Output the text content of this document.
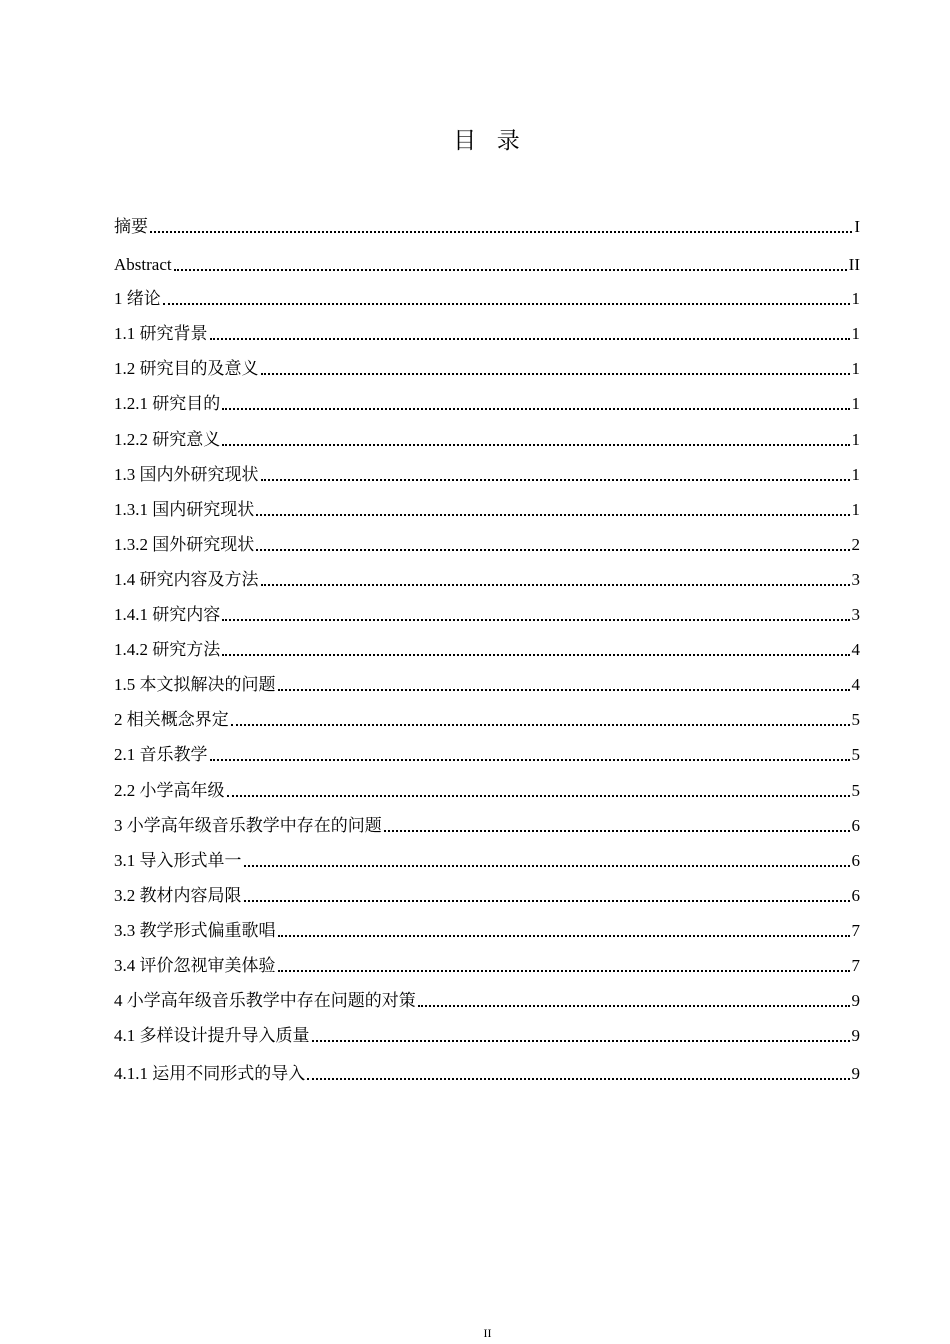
目  录
摘要	I
Abstract	II
1 绪论	1
1.1 研究背景	1
1.2 研究目的及意义	1
1.2.1 研究目的	1
1.2.2 研究意义	1
1.3 国内外研究现状	1
1.3.1 国内研究现状	1
1.3.2 国外研究现状	2
1.4 研究内容及方法	3
1.4.1 研究内容	3
1.4.2 研究方法	4
1.5 本文拟解决的问题	4
2 相关概念界定	5
2.1 音乐教学	5
2.2 小学高年级	5
3 小学高年级音乐教学中存在的问题	6
3.1 导入形式单一	6
3.2 教材内容局限	6
3.3 教学形式偏重歌唱	7
3.4 评价忽视审美体验	7
4 小学高年级音乐教学中存在问题的对策	9
4.1 多样设计提升导入质量	9
4.1.1 运用不同形式的导入	9
II
